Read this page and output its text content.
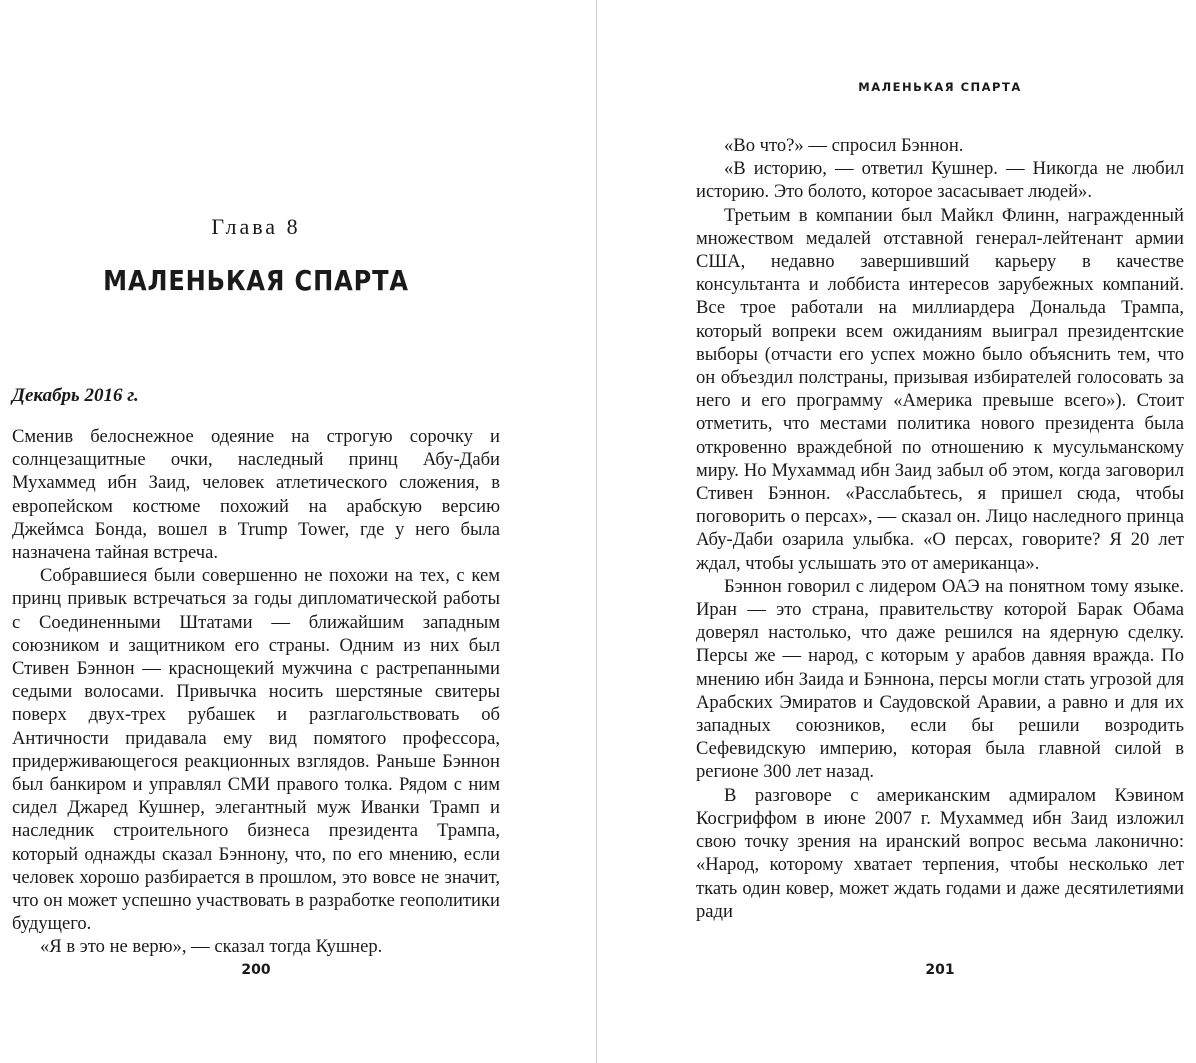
Глава 8
МАЛЕНЬКАЯ СПАРТА
Декабрь 2016 г.

Сменив белоснежное одеяние на строгую сорочку и солнцезащитные очки, наследный принц Абу-Даби Мухаммед ибн Заид, человек атлетического сложения, в европейском костюме похожий на арабскую версию Джеймса Бонда, вошел в Trump Tower, где у него была назначена тайная встреча.

Собравшиеся были совершенно не похожи на тех, с кем принц привык встречаться за годы дипломатической работы с Соединенными Штатами — ближайшим западным союзником и защитником его страны. Одним из них был Стивен Бэннон — краснощекий мужчина с растрепанными седыми волосами. Привычка носить шерстяные свитеры поверх двух-трех рубашек и разглагольствовать об Античности придавала ему вид помятого профессора, придерживающегося реакционных взглядов. Раньше Бэннон был банкиром и управлял СМИ правого толка. Рядом с ним сидел Джаред Кушнер, элегантный муж Иванки Трамп и наследник строительного бизнеса президента Трампа, который однажды сказал Бэннону, что, по его мнению, если человек хорошо разбирается в прошлом, это вовсе не значит, что он может успешно участвовать в разработке геополитики будущего.

«Я в это не верю», — сказал тогда Кушнер.

200
МАЛЕНЬКАЯ СПАРТА

«Во что?» — спросил Бэннон.

«В историю, — ответил Кушнер. — Никогда не любил историю. Это болото, которое засасывает людей».

Третьим в компании был Майкл Флинн, награжденный множеством медалей отставной генерал-лейтенант армии США, недавно завершивший карьеру в качестве консультанта и лоббиста интересов зарубежных компаний. Все трое работали на миллиардера Дональда Трампа, который вопреки всем ожиданиям выиграл президентские выборы (отчасти его успех можно было объяснить тем, что он объездил полстраны, призывая избирателей голосовать за него и его программу «Америка превыше всего»). Стоит отметить, что местами политика нового президента была откровенно враждебной по отношению к мусульманскому миру. Но Мухаммад ибн Заид забыл об этом, когда заговорил Стивен Бэннон. «Расслабьтесь, я пришел сюда, чтобы поговорить о персах», — сказал он. Лицо наследного принца Абу-Даби озарила улыбка. «О персах, говорите? Я 20 лет ждал, чтобы услышать это от американца».

Бэннон говорил с лидером ОАЭ на понятном тому языке. Иран — это страна, правительству которой Барак Обама доверял настолько, что даже решился на ядерную сделку. Персы же — народ, с которым у арабов давняя вражда. По мнению ибн Заида и Бэннона, персы могли стать угрозой для Арабских Эмиратов и Саудовской Аравии, а равно и для их западных союзников, если бы решили возродить Сефевидскую империю, которая была главной силой в регионе 300 лет назад.

В разговоре с американским адмиралом Кэвином Косгриффом в июне 2007 г. Мухаммед ибн Заид изложил свою точку зрения на иранский вопрос весьма лаконично: «Народ, которому хватает терпения, чтобы несколько лет ткать один ковер, может ждать годами и даже десятилетиями ради

201
